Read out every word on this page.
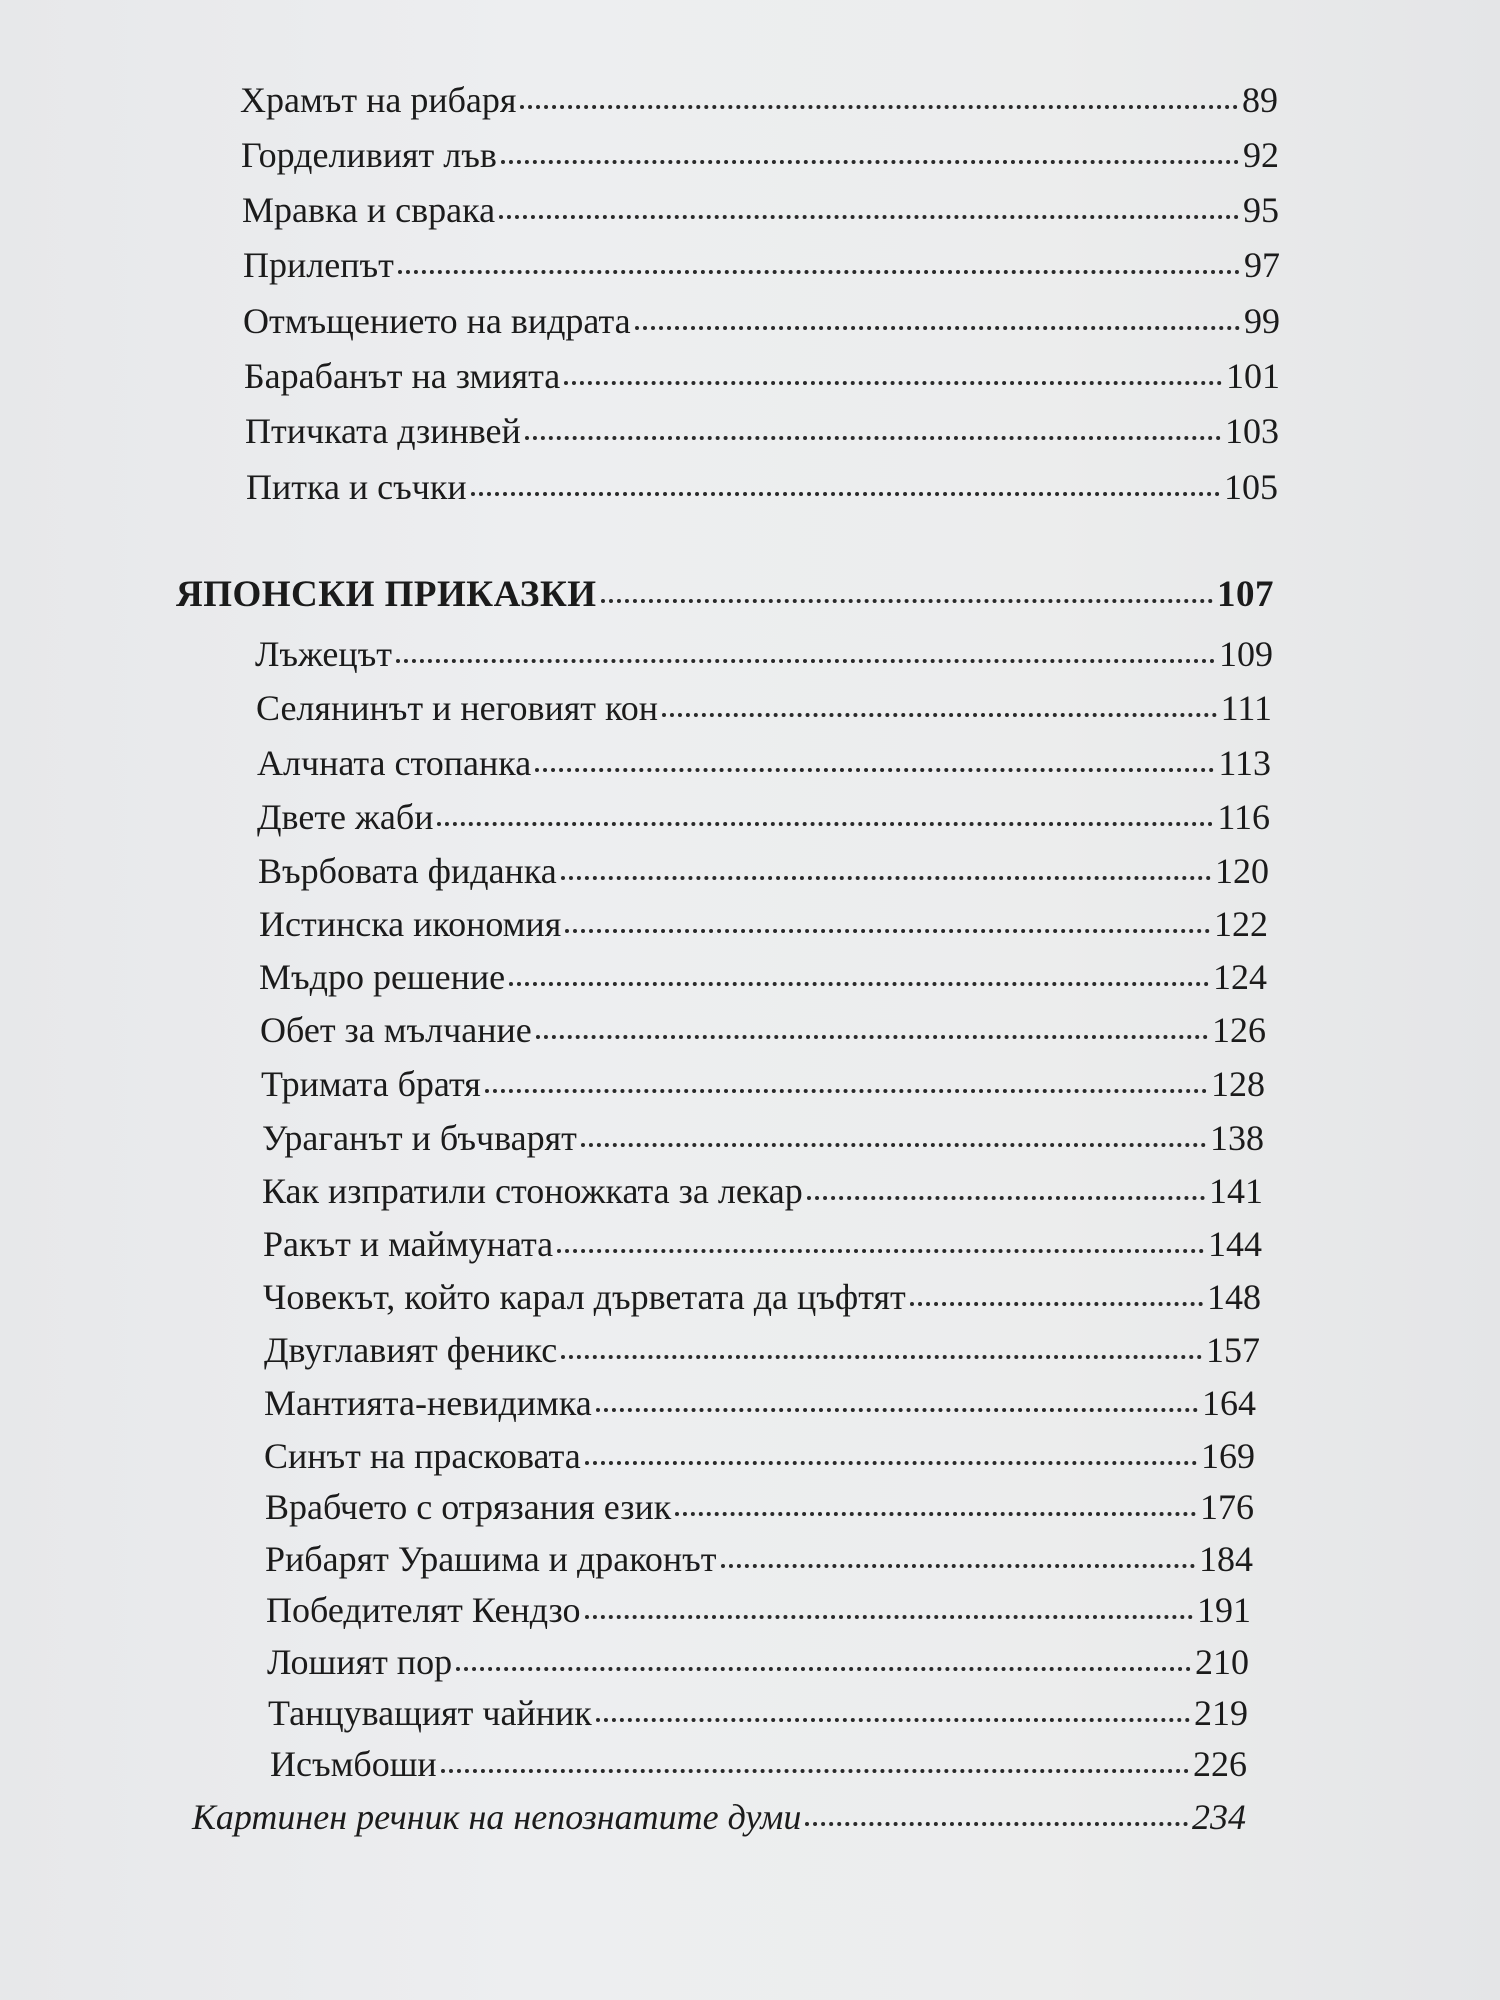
Храмът на рибаря	89
Горделивият лъв	92
Мравка и сврака	95
Прилепът	97
Отмъщението на видрата	99
Барабанът на змията	101
Птичката дзинвей	103
Питка и съчки	105
ЯПОНСКИ ПРИКАЗКИ	107
Лъжецът	109
Селянинът и неговият кон	111
Алчната стопанка	113
Двете жаби	116
Върбовата фиданка	120
Истинска икономия	122
Мъдро решение	124
Обет за мълчание	126
Тримата братя	128
Ураганът и бъчварят	138
Как изпратили стоножката за лекар	141
Ракът и маймуната	144
Човекът, който карал дърветата да цъфтят	148
Двуглавият феникс	157
Мантията-невидимка	164
Синът на прасковата	169
Врабчето с отрязания език	176
Рибарят Урашима и драконът	184
Победителят Кендзо	191
Лошият пор	210
Танцуващият чайник	219
Исъмбоши	226
Картинен речник на непознатите думи	234
